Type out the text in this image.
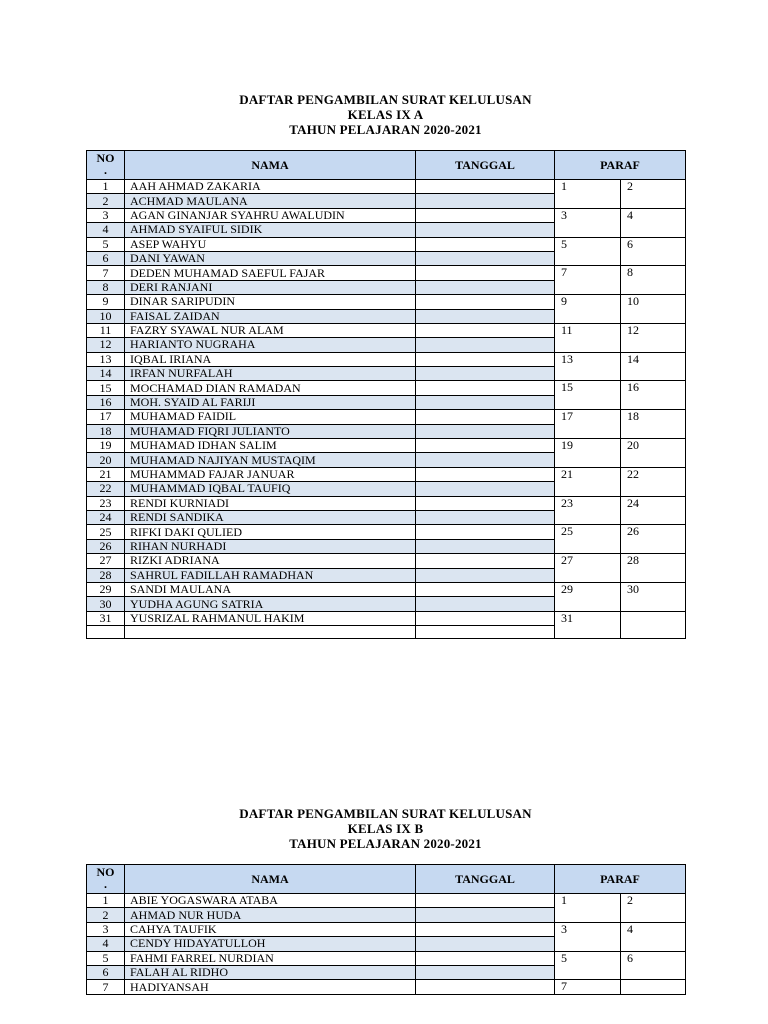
DAFTAR PENGAMBILAN SURAT KELULUSAN
KELAS IX A
TAHUN PELAJARAN 2020-2021
NO
.	NAMA	TANGGAL	PARAF	
1	AAH AHMAD ZAKARIA		1	2
2	ACHMAD MAULANA			
3	AGAN GINANJAR SYAHRU AWALUDIN		3	4
4	AHMAD SYAIFUL SIDIK			
5	ASEP WAHYU		5	6
6	DANI YAWAN			
7	DEDEN MUHAMAD SAEFUL FAJAR		7	8
8	DERI RANJANI			
9	DINAR SARIPUDIN		9	10
10	FAISAL ZAIDAN			
11	FAZRY SYAWAL NUR ALAM		11	12
12	HARIANTO NUGRAHA			
13	IQBAL IRIANA		13	14
14	IRFAN NURFALAH			
15	MOCHAMAD DIAN RAMADAN		15	16
16	MOH. SYAID AL FARIJI			
17	MUHAMAD FAIDIL		17	18
18	MUHAMAD FIQRI JULIANTO			
19	MUHAMAD IDHAN SALIM		19	20
20	MUHAMAD NAJIYAN MUSTAQIM			
21	MUHAMMAD FAJAR JANUAR		21	22
22	MUHAMMAD IQBAL TAUFIQ			
23	RENDI KURNIADI		23	24
24	RENDI SANDIKA			
25	RIFKI DAKI QULIED		25	26
26	RIHAN NURHADI			
27	RIZKI ADRIANA		27	28
28	SAHRUL FADILLAH RAMADHAN			
29	SANDI MAULANA		29	30
30	YUDHA AGUNG SATRIA			
31	YUSRIZAL RAHMANUL HAKIM		31	

DAFTAR PENGAMBILAN SURAT KELULUSAN
KELAS IX B
TAHUN PELAJARAN 2020-2021
NO
.	NAMA	TANGGAL	PARAF	
1	ABIE YOGASWARA ATABA		1	2
2	AHMAD NUR HUDA			
3	CAHYA TAUFIK		3	4
4	CENDY HIDAYATULLOH			
5	FAHMI FARREL NURDIAN		5	6
6	FALAH AL RIDHO			
7	HADIYANSAH		7	
